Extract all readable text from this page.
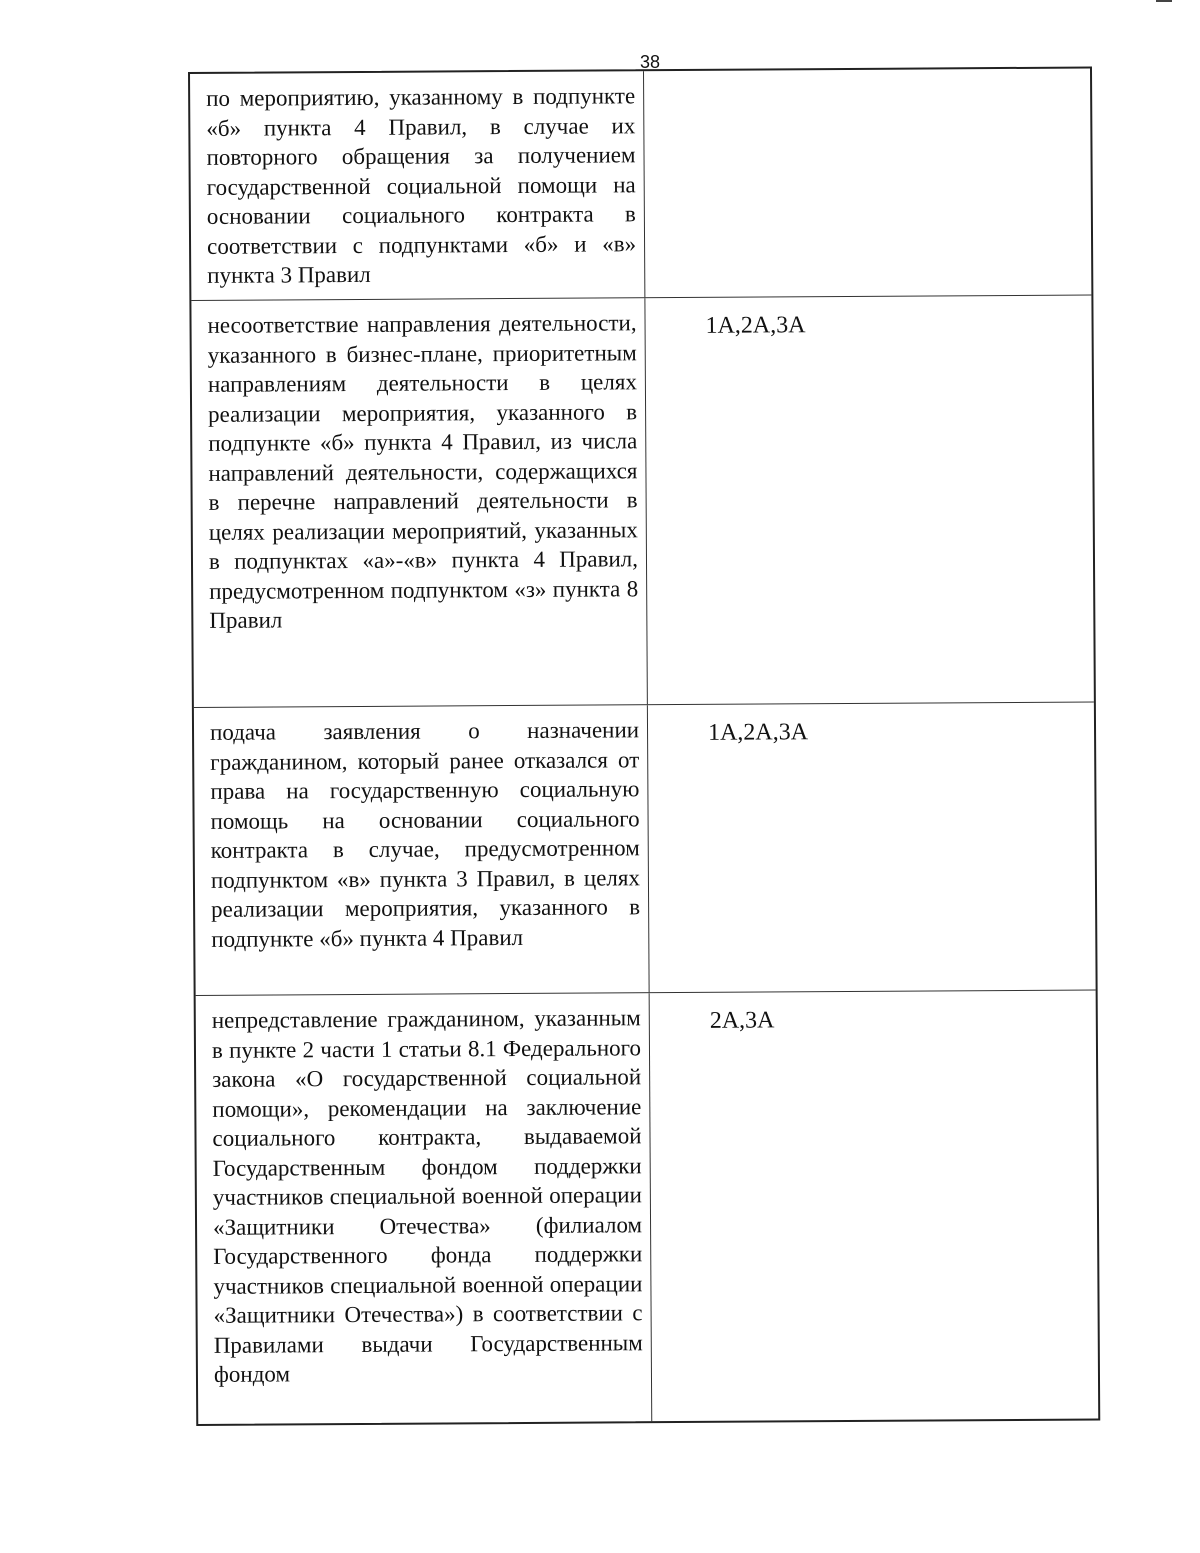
38
по мероприятию, указанному в подпункте «б» пункта 4 Правил, в случае их повторного обращения за получением государственной социальной помощи на основании социального контракта в соответствии с подпунктами «б» и «в» пункта 3 Правил
несоответствие направления деятельности, указанного в бизнес-плане, приоритетным направлениям деятельности в целях реализации мероприятия, указанного в подпункте «б» пункта 4 Правил, из числа направлений деятельности, содержащихся в перечне направлений деятельности в целях реализации мероприятий, указанных в подпунктах «а»-«в» пункта 4 Правил, предусмотренном подпунктом «з» пункта 8 Правил
1А,2А,3А
подача заявления о назначении гражданином, который ранее отказался от права на государственную социальную помощь на основании социального контракта в случае, предусмотренном подпунктом «в» пункта 3 Правил, в целях реализации мероприятия, указанного в подпункте «б» пункта 4 Правил
1А,2А,3А
непредставление гражданином, указанным в пункте 2 части 1 статьи 8.1 Федерального закона «О государственной социальной помощи», рекомендации на заключение социального контракта, выдаваемой Государственным фондом поддержки участников специальной военной операции «Защитники Отечества» (филиалом Государственного фонда поддержки участников специальной военной операции «Защитники Отечества») в соответствии с Правилами выдачи Государственным фондом
2А,3А
